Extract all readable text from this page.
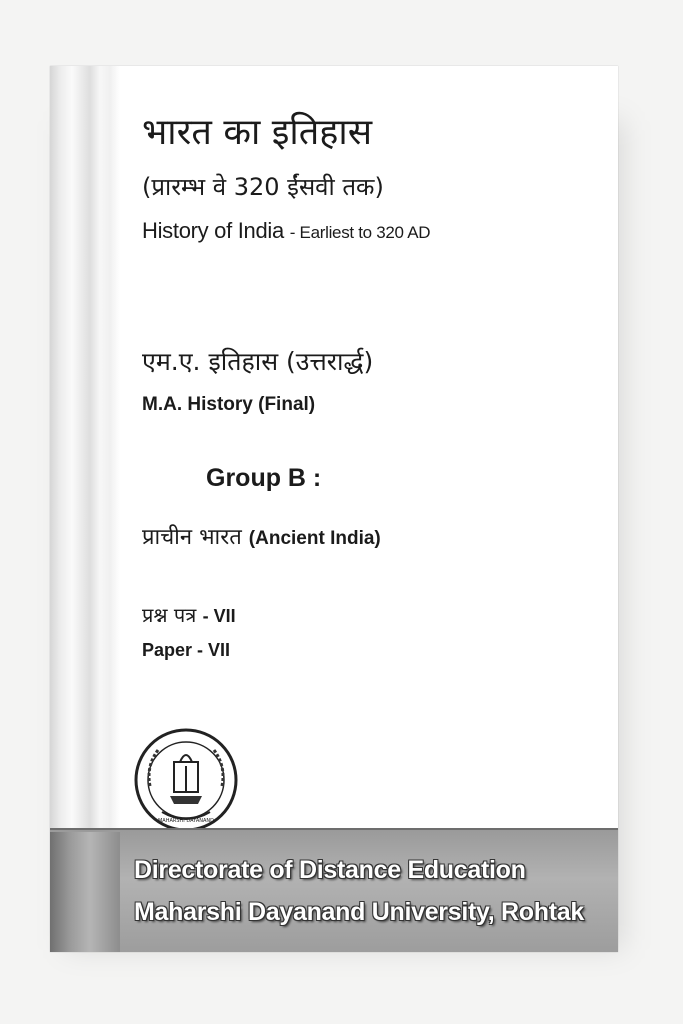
भारत का इतिहास
(प्रारम्भ वे 320 ईंसवी तक)
History of India - Earliest to 320 AD
एम.ए. इतिहास (उत्तरार्द्ध)
M.A. History (Final)
Group B :
प्राचीन भारत (Ancient India)
प्रश्न पत्र - VII
Paper - VII
MAHARSHI DAYANAND
Directorate of Distance Education
Maharshi Dayanand University, Rohtak
